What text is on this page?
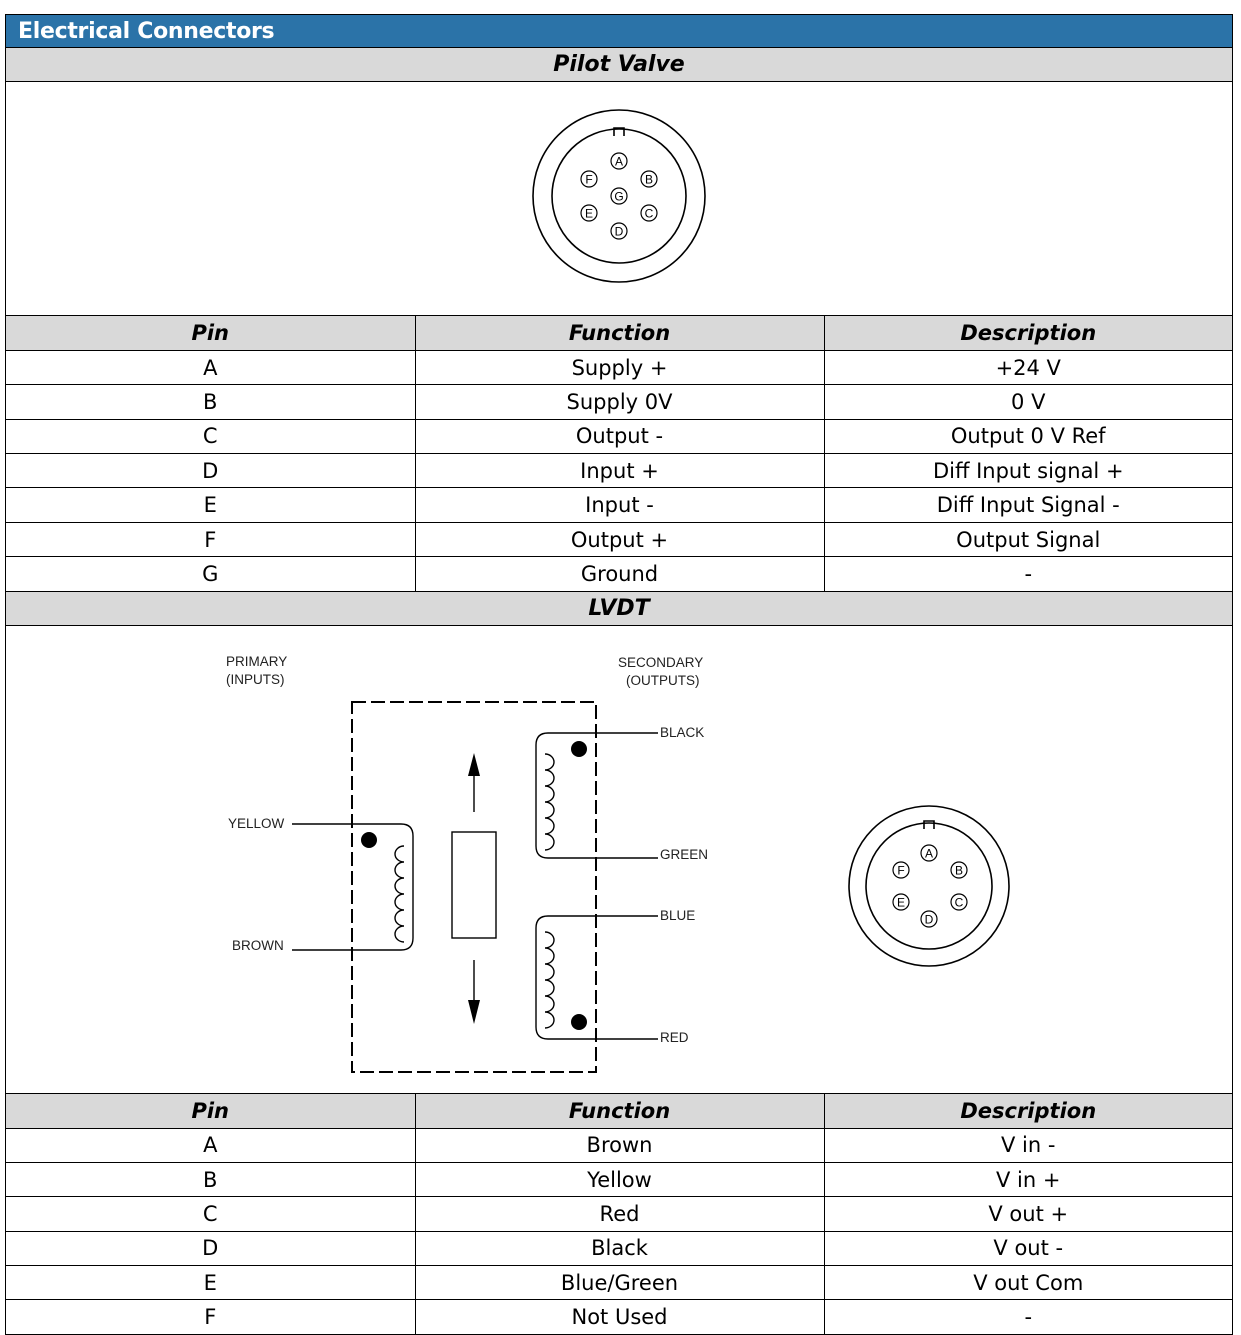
Electrical Connectors
Pilot Valve
A
B
C
D
E
F
G
Pin	Function	Description
A	Supply +	+24 V
B	Supply 0V	0 V
C	Output -	Output 0 V Ref
D	Input +	Diff Input signal +
E	Input -	Diff Input Signal -
F	Output +	Output Signal
G	Ground	-
LVDT
PRIMARY
(INPUTS)
SECONDARY
(OUTPUTS)
YELLOW
BROWN
BLACK
GREEN
BLUE
RED
A
B
C
D
E
F
Pin	Function	Description
A	Brown	V in -
B	Yellow	V in +
C	Red	V out +
D	Black	V out -
E	Blue/Green	V out Com
F	Not Used	-
